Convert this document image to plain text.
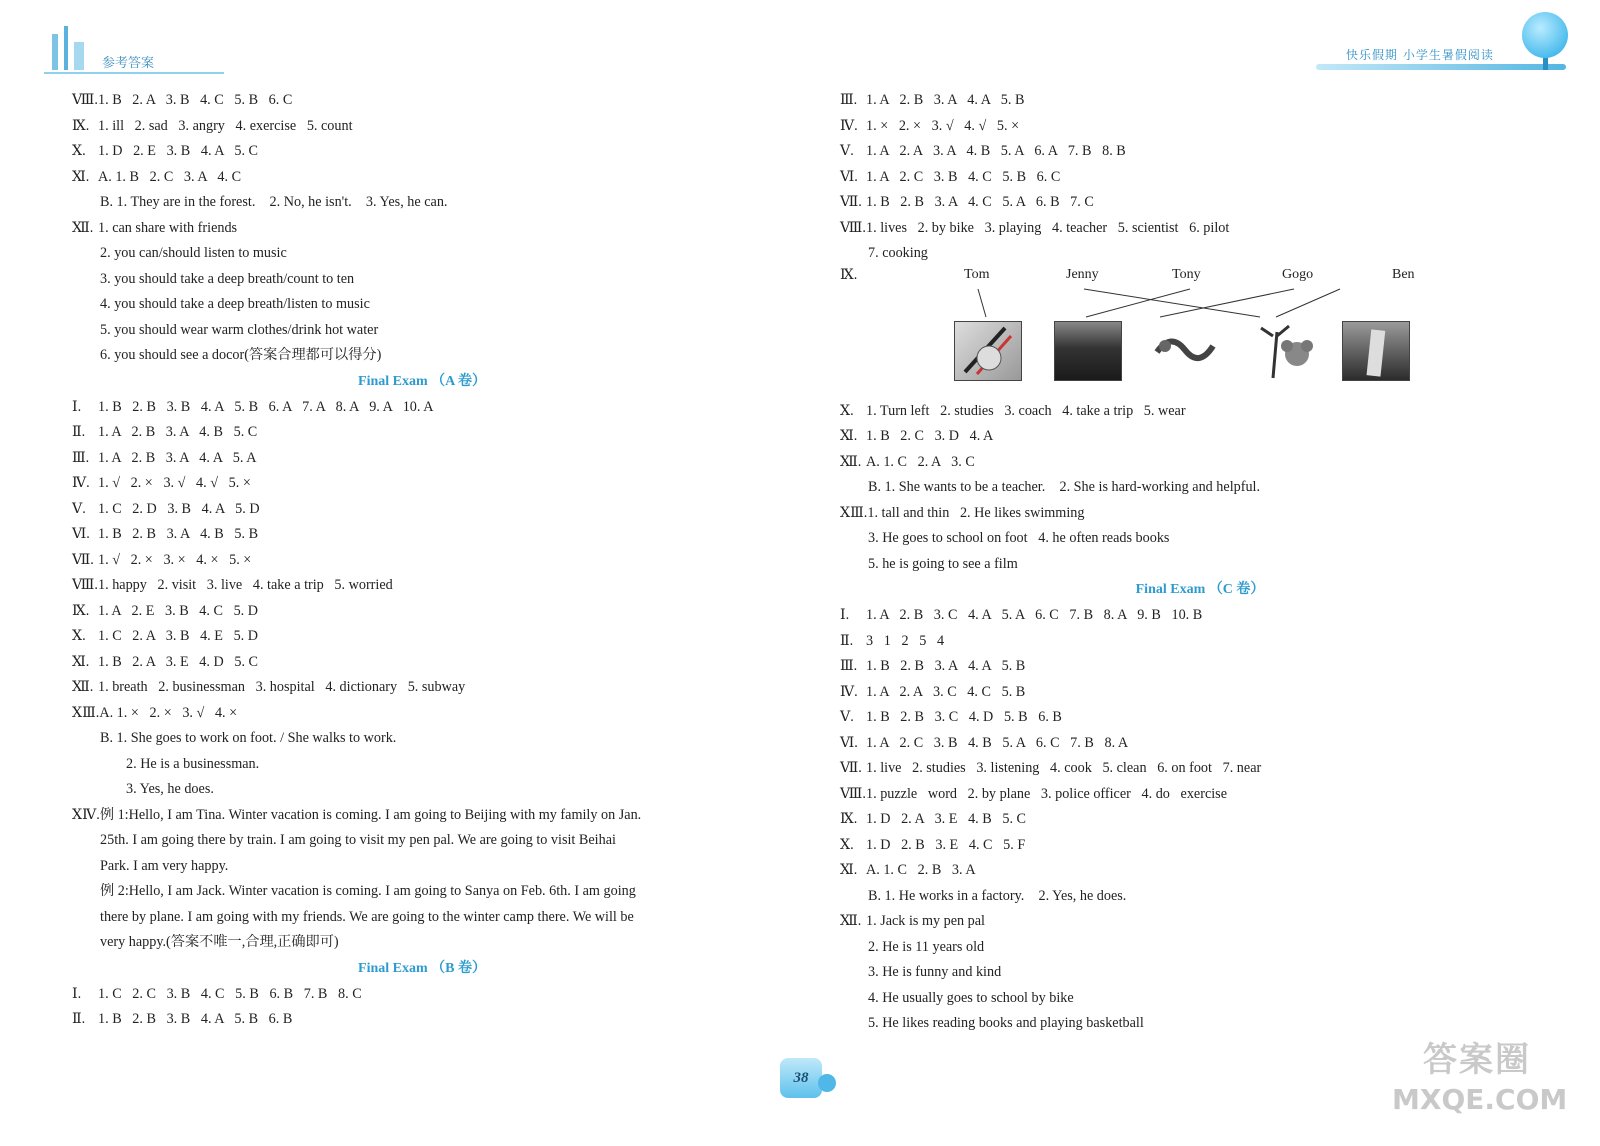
参考答案
快乐假期 小学生暑假阅读
Ⅷ.1. B   2. A   3. B   4. C   5. B   6. C
Ⅸ. 1. ill   2. sad   3. angry   4. exercise   5. count
Ⅹ. 1. D   2. E   3. B   4. A   5. C
Ⅺ. A. 1. B   2. C   3. A   4. C
B. 1. They are in the forest.    2. No, he isn't.    3. Yes, he can.
Ⅻ. 1. can share with friends
2. you can/should listen to music
3. you should take a deep breath/count to ten
4. you should take a deep breath/listen to music
5. you should wear warm clothes/drink hot water
6. you should see a docor(答案合理都可以得分)
Final Exam （A 卷）
Ⅰ. 1. B   2. B   3. B   4. A   5. B   6. A   7. A   8. A   9. A   10. A
Ⅱ. 1. A   2. B   3. A   4. B   5. C
Ⅲ. 1. A   2. B   3. A   4. A   5. A
Ⅳ. 1. √   2. ×   3. √   4. √   5. ×
Ⅴ. 1. C   2. D   3. B   4. A   5. D
Ⅵ. 1. B   2. B   3. A   4. B   5. B
Ⅶ. 1. √   2. ×   3. ×   4. ×   5. ×
Ⅷ.1. happy   2. visit   3. live   4. take a trip   5. worried
Ⅸ. 1. A   2. E   3. B   4. C   5. D
Ⅹ. 1. C   2. A   3. B   4. E   5. D
Ⅺ. 1. B   2. A   3. E   4. D   5. C
Ⅻ. 1. breath   2. businessman   3. hospital   4. dictionary   5. subway
ⅩⅢ.A. 1. ×   2. ×   3. √   4. ×
B. 1. She goes to work on foot. / She walks to work.
2. He is a businessman.
3. Yes, he does.
ⅩⅣ.例 1:Hello, I am Tina. Winter vacation is coming. I am going to Beijing with my family on Jan.
25th. I am going there by train. I am going to visit my pen pal. We are going to visit Beihai
Park. I am very happy.
例 2:Hello, I am Jack. Winter vacation is coming. I am going to Sanya on Feb. 6th. I am going
there by plane. I am going with my friends. We are going to the winter camp there. We will be
very happy.(答案不唯一,合理,正确即可)
Final Exam （B 卷）
Ⅰ. 1. C   2. C   3. B   4. C   5. B   6. B   7. B   8. C
Ⅱ. 1. B   2. B   3. B   4. A   5. B   6. B
Ⅲ. 1. A   2. B   3. A   4. A   5. B
Ⅳ. 1. ×   2. ×   3. √   4. √   5. ×
Ⅴ. 1. A   2. A   3. A   4. B   5. A   6. A   7. B   8. B
Ⅵ. 1. A   2. C   3. B   4. C   5. B   6. C
Ⅶ. 1. B   2. B   3. A   4. C   5. A   6. B   7. C
Ⅷ.1. lives   2. by bike   3. playing   4. teacher   5. scientist   6. pilot
7. cooking
Ⅸ.	Tom	Jenny	Tony	Gogo	Ben
Ⅹ. 1. Turn left   2. studies   3. coach   4. take a trip   5. wear
Ⅺ. 1. B   2. C   3. D   4. A
Ⅻ. A. 1. C   2. A   3. C
B. 1. She wants to be a teacher.    2. She is hard-working and helpful.
ⅩⅢ.1. tall and thin   2. He likes swimming
3. He goes to school on foot   4. he often reads books
5. he is going to see a film
Final Exam （C 卷）
Ⅰ. 1. A   2. B   3. C   4. A   5. A   6. C   7. B   8. A   9. B   10. B
Ⅱ. 3   1   2   5   4
Ⅲ. 1. B   2. B   3. A   4. A   5. B
Ⅳ. 1. A   2. A   3. C   4. C   5. B
Ⅴ. 1. B   2. B   3. C   4. D   5. B   6. B
Ⅵ. 1. A   2. C   3. B   4. B   5. A   6. C   7. B   8. A
Ⅶ. 1. live   2. studies   3. listening   4. cook   5. clean   6. on foot   7. near
Ⅷ.1. puzzle   word   2. by plane   3. police officer   4. do   exercise
Ⅸ. 1. D   2. A   3. E   4. B   5. C
Ⅹ. 1. D   2. B   3. E   4. C   5. F
Ⅺ. A. 1. C   2. B   3. A
B. 1. He works in a factory.    2. Yes, he does.
Ⅻ. 1. Jack is my pen pal
2. He is 11 years old
3. He is funny and kind
4. He usually goes to school by bike
5. He likes reading books and playing basketball
38	答案圈
MXQE.COM
